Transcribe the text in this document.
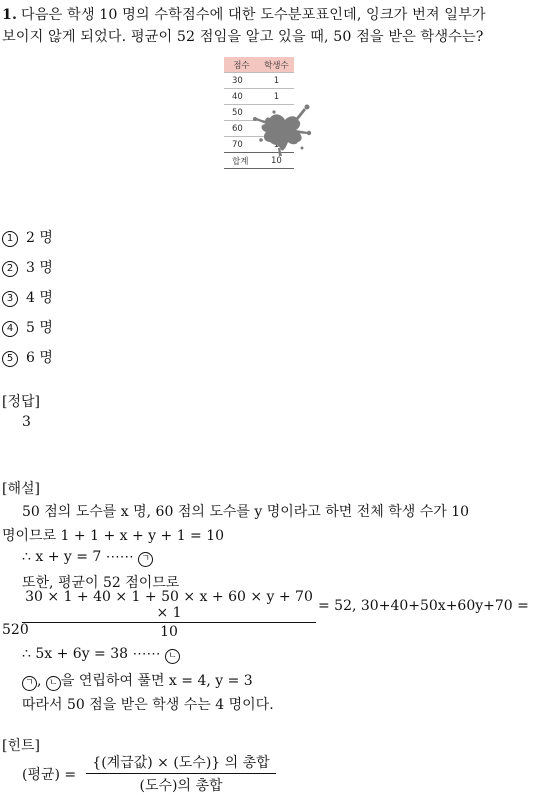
1. 다음은 학생 10 명의 수학점수에 대한 도수분포표인데, 잉크가 번져 일부가
보이지 않게 되었다. 평균이 52 점임을 알고 있을 때, 50 점을 받은 학생수는?
점수	학생수
30	1
40	1
50	
60	
70	
합계	10
1 2 명
2 3 명
3 4 명
4 5 명
5 6 명
[정답]
3
[해설]
50 점의 도수를 x 명, 60 점의 도수를 y 명이라고 하면 전체 학생 수가 10
명이므로 1 + 1 + x + y + 1 = 10
∴ x + y = 7 ⋯⋯ ㄱ
또한, 평균이 52 점이므로
30 × 1 + 40 × 1 + 50 × x + 60 × y + 70 × 1
10
= 52, 30+40+50x+60y+70 =
520
∴ 5x + 6y = 38 ⋯⋯ ㄴ
ㄱ , ㄴ 을 연립하여 풀면 x = 4, y = 3
따라서 50 점을 받은 학생 수는 4 명이다.
[힌트]
(평균) =
{(계급값) × (도수)} 의 총합
(도수)의 총합
